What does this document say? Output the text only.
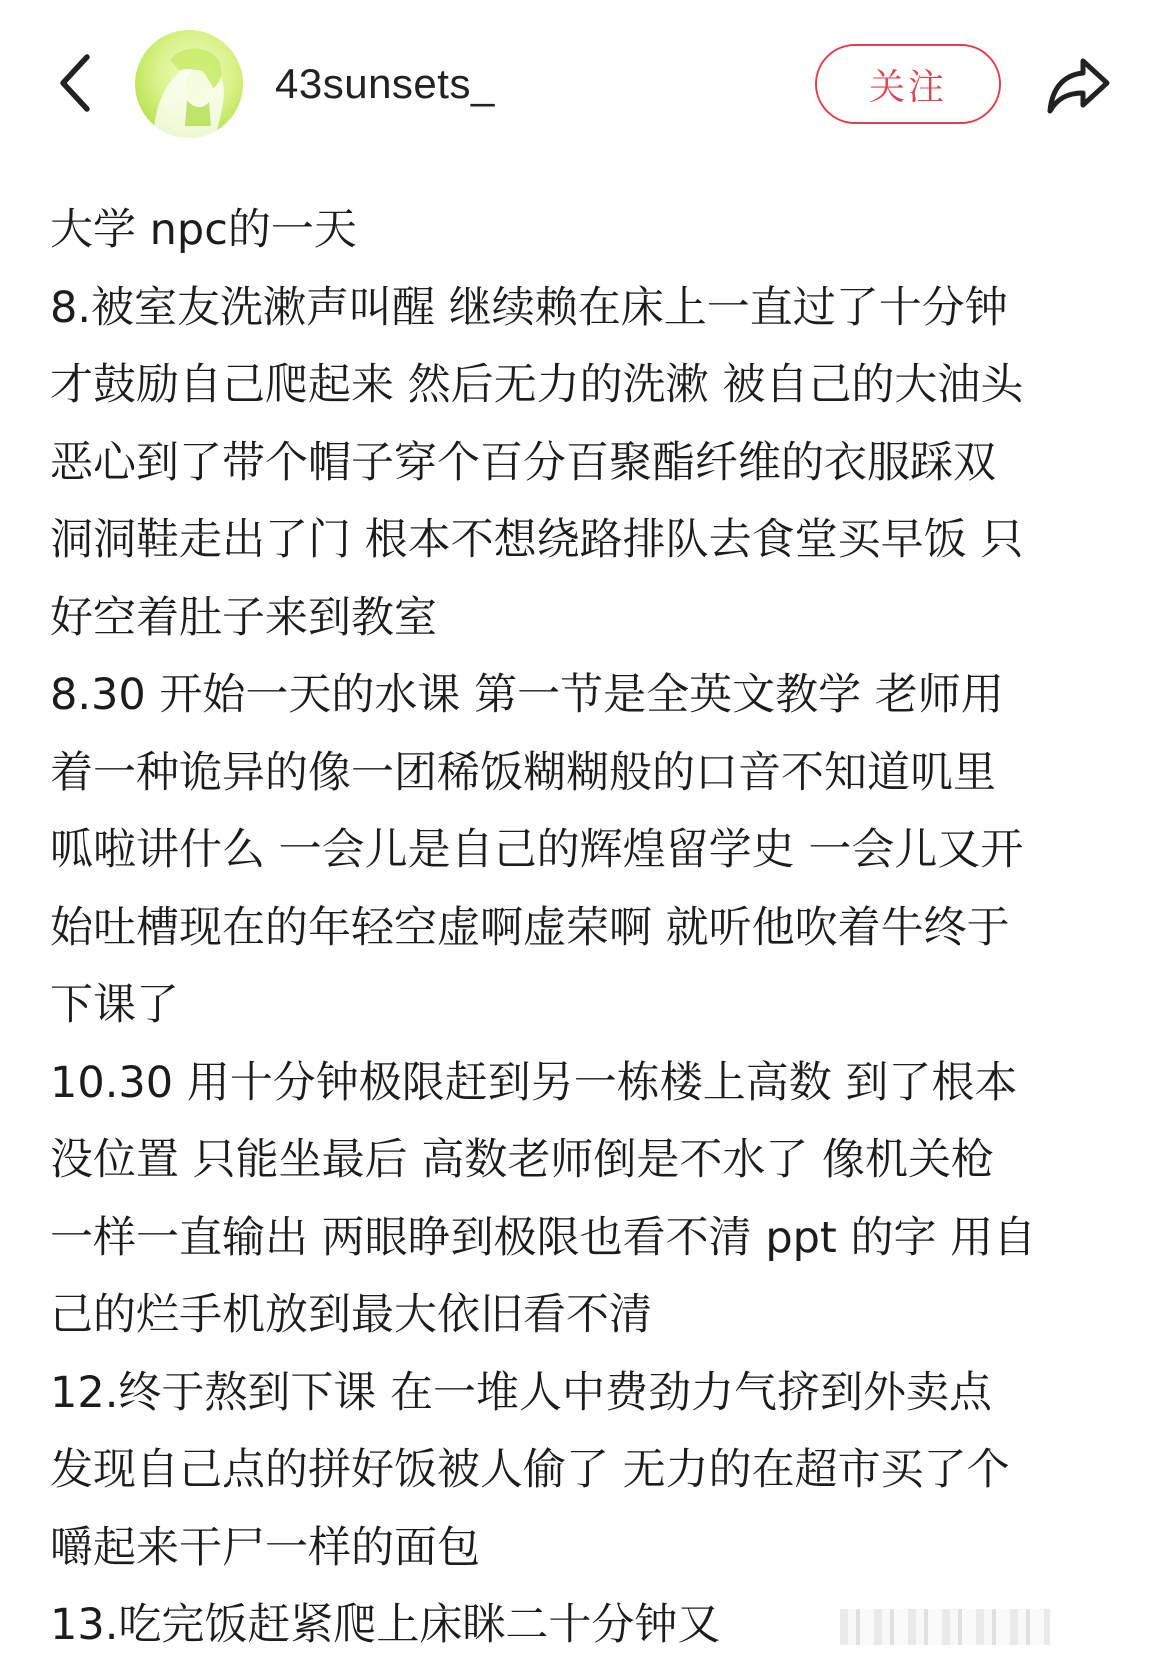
43sunsets_	关注
大学 npc的一天
8.被室友洗漱声叫醒 继续赖在床上一直过了十分钟
才鼓励自己爬起来 然后无力的洗漱 被自己的大油头
恶心到了带个帽子穿个百分百聚酯纤维的衣服踩双
洞洞鞋走出了门 根本不想绕路排队去食堂买早饭 只
好空着肚子来到教室
8.30 开始一天的水课 第一节是全英文教学 老师用
着一种诡异的像一团稀饭糊糊般的口音不知道叽里
呱啦讲什么 一会儿是自己的辉煌留学史 一会儿又开
始吐槽现在的年轻空虚啊虚荣啊 就听他吹着牛终于
下课了
10.30 用十分钟极限赶到另一栋楼上高数 到了根本
没位置 只能坐最后 高数老师倒是不水了 像机关枪
一样一直输出 两眼睁到极限也看不清 ppt 的字 用自
己的烂手机放到最大依旧看不清
12.终于熬到下课 在一堆人中费劲力气挤到外卖点
发现自己点的拼好饭被人偷了 无力的在超市买了个
嚼起来干尸一样的面包
13.吃完饭赶紧爬上床眯二十分钟又
